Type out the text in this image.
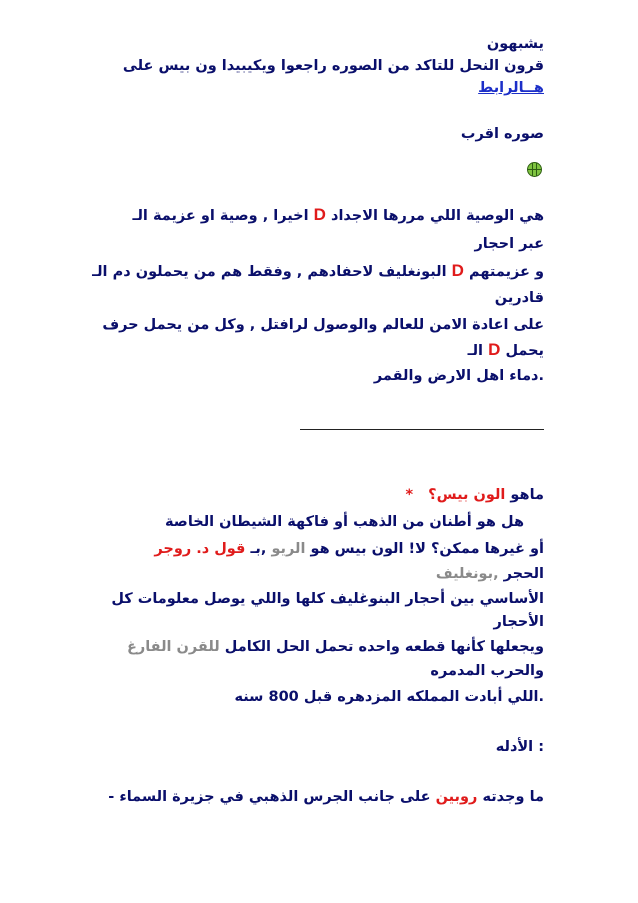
يشبهون
قرون النحل للتاكد من الصوره راجعوا ويكيبيدا ون بيس على
هــالرابط
صوره اقرب
هي الوصية اللي مررها الاجداد D اخيرا , وصية او عزيمة الـ
عبر احجار
و عزيمتهم D البونغليف لاحفادهم , وفقط هم من يحملون دم الـ
قادرين
على اعادة الامن للعالم والوصول لرافتل , وكل من يحمل حرف
يحمل D الـ
.دماء اهل الارض والقمر
ماهو الون بيس؟ *
هل هو أطنان من الذهب أو فاكهة الشيطان الخاصة
أو غيرها ممكن؟ لا! الون بيس هو الريو ,بـ قول د. روجر
الحجر ,بونغليف
الأساسي بين أحجار البنوغليف كلها واللي يوصل معلومات كل
الأحجار
ويجعلها كأنها قطعه واحده تحمل الحل الكامل للقرن الفارغ
والحرب المدمره
.اللي أبادت المملكه المزدهره قبل 800 سنه
: الأدله
ما وجدته روبين على جانب الجرس الذهبي في جزيرة السماء -
